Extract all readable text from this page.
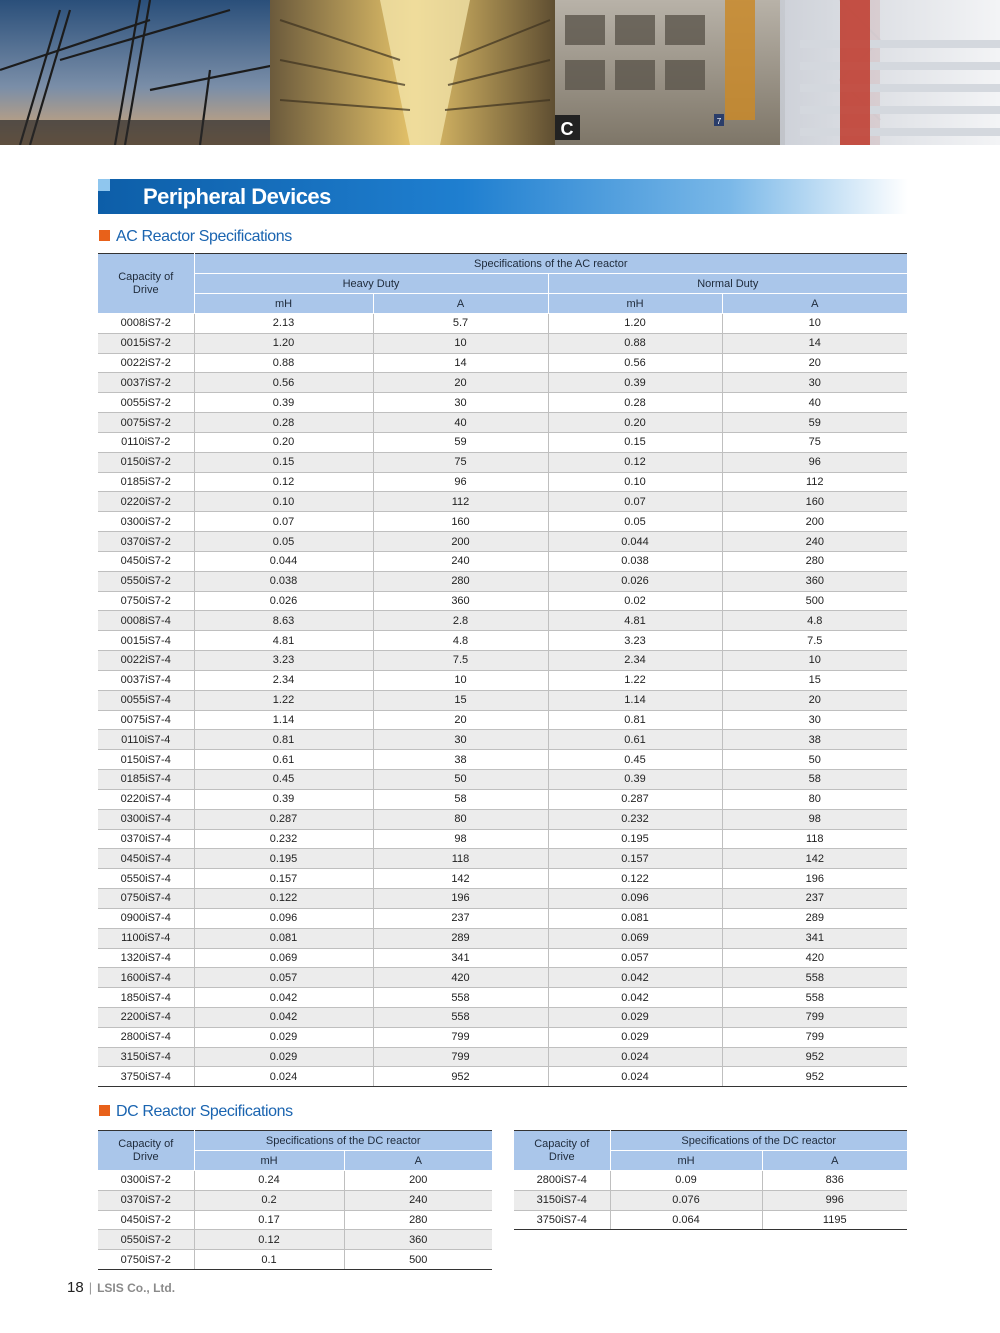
C	7
Peripheral Devices
AC Reactor Specifications
Capacity of Drive	Specifications of the AC reactor			
	Heavy Duty		Normal Duty	
	mH	A	mH	A
0008iS7-2	2.13	5.7	1.20	10
0015iS7-2	1.20	10	0.88	14
0022iS7-2	0.88	14	0.56	20
0037iS7-2	0.56	20	0.39	30
0055iS7-2	0.39	30	0.28	40
0075iS7-2	0.28	40	0.20	59
0110iS7-2	0.20	59	0.15	75
0150iS7-2	0.15	75	0.12	96
0185iS7-2	0.12	96	0.10	112
0220iS7-2	0.10	112	0.07	160
0300iS7-2	0.07	160	0.05	200
0370iS7-2	0.05	200	0.044	240
0450iS7-2	0.044	240	0.038	280
0550iS7-2	0.038	280	0.026	360
0750iS7-2	0.026	360	0.02	500
0008iS7-4	8.63	2.8	4.81	4.8
0015iS7-4	4.81	4.8	3.23	7.5
0022iS7-4	3.23	7.5	2.34	10
0037iS7-4	2.34	10	1.22	15
0055iS7-4	1.22	15	1.14	20
0075iS7-4	1.14	20	0.81	30
0110iS7-4	0.81	30	0.61	38
0150iS7-4	0.61	38	0.45	50
0185iS7-4	0.45	50	0.39	58
0220iS7-4	0.39	58	0.287	80
0300iS7-4	0.287	80	0.232	98
0370iS7-4	0.232	98	0.195	118
0450iS7-4	0.195	118	0.157	142
0550iS7-4	0.157	142	0.122	196
0750iS7-4	0.122	196	0.096	237
0900iS7-4	0.096	237	0.081	289
1100iS7-4	0.081	289	0.069	341
1320iS7-4	0.069	341	0.057	420
1600iS7-4	0.057	420	0.042	558
1850iS7-4	0.042	558	0.042	558
2200iS7-4	0.042	558	0.029	799
2800iS7-4	0.029	799	0.029	799
3150iS7-4	0.029	799	0.024	952
3750iS7-4	0.024	952	0.024	952
DC Reactor Specifications
Capacity of Drive	Specifications of the DC reactor	
	mH	A
0300iS7-2	0.24	200
0370iS7-2	0.2	240
0450iS7-2	0.17	280
0550iS7-2	0.12	360
0750iS7-2	0.1	500
Capacity of Drive	Specifications of the DC reactor	
	mH	A
2800iS7-4	0.09	836
3150iS7-4	0.076	996
3750iS7-4	0.064	1195
18 | LSIS Co., Ltd.
